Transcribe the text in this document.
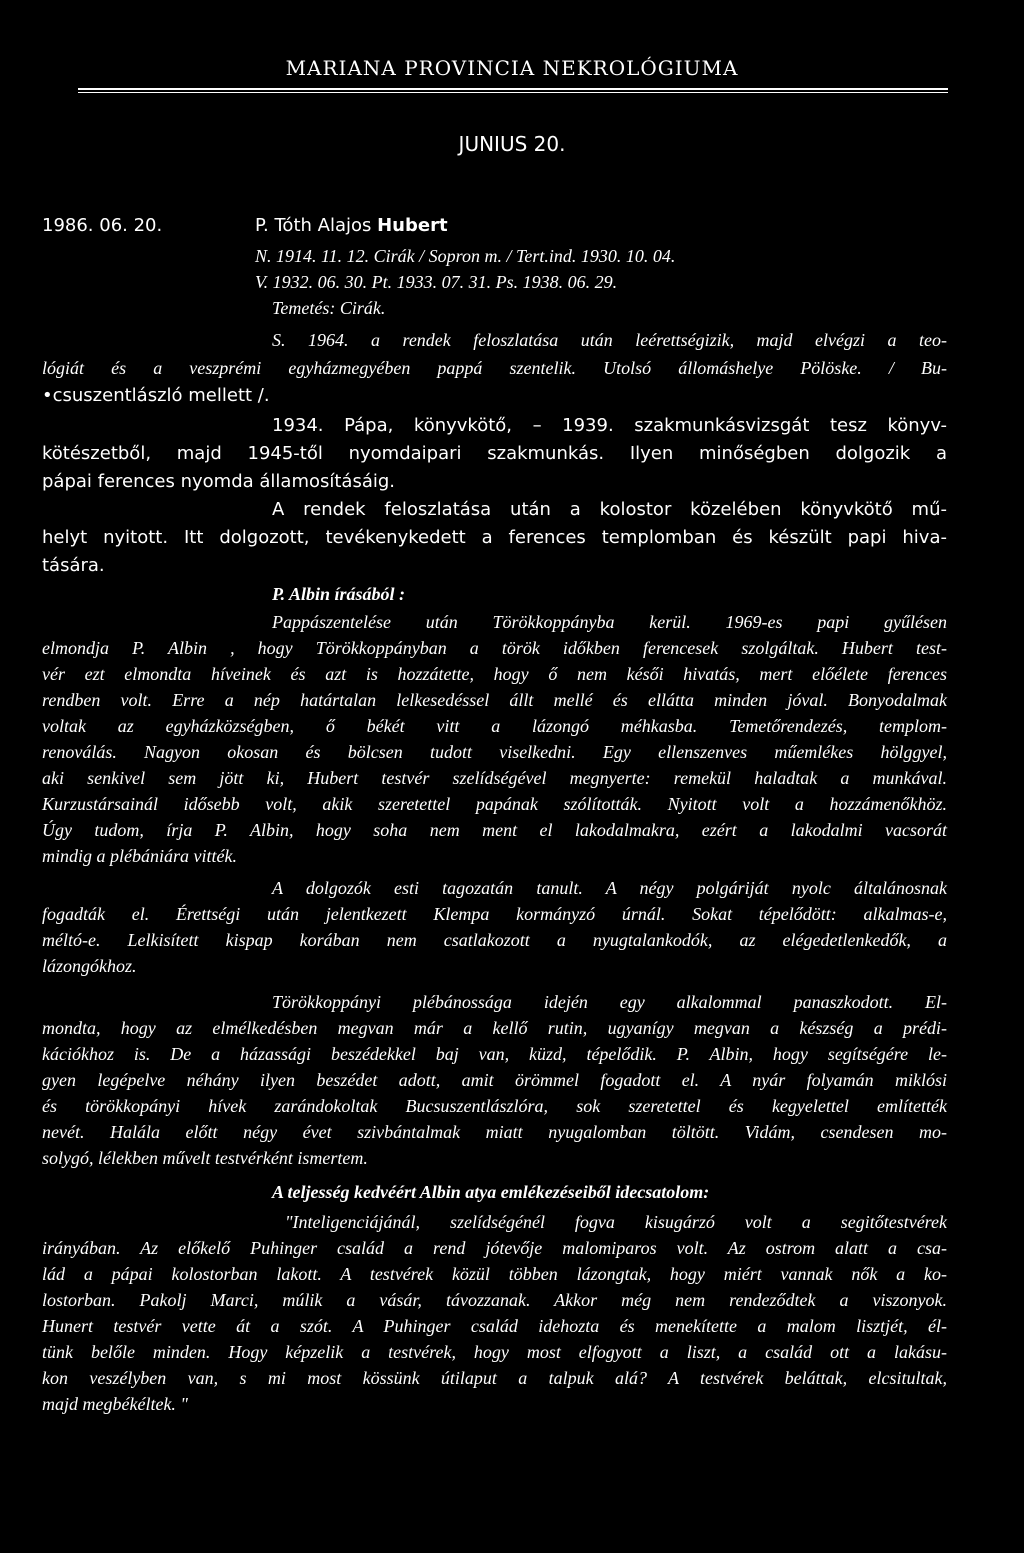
MARIANA PROVINCIA NEKROLÓGIUMA
JUNIUS 20.
1986. 06. 20.	P. Tóth Alajos Hubert
N. 1914. 11. 12. Cirák / Sopron m. / Tert.ind. 1930. 10. 04.
V. 1932. 06. 30. Pt. 1933. 07. 31. Ps. 1938. 06. 29.
Temetés: Cirák.
S. 1964. a rendek feloszlatása után leérettségizik, majd elvégzi a teo-
lógiát és a veszprémi egyházmegyében pappá szentelik. Utolsó állomáshelye Pölöske. / Bu-
•csuszentlászló mellett /.
1934. Pápa, könyvkötő, – 1939. szakmunkásvizsgát tesz könyv-
kötészetből, majd 1945-től nyomdaipari szakmunkás. Ilyen minőségben dolgozik a
pápai ferences nyomda államosításáig.
A rendek feloszlatása után a kolostor közelében könyvkötő mű-
helyt nyitott. Itt dolgozott, tevékenykedett a ferences templomban és készült papi hiva-
tására.
P. Albin írásából :
Pappászentelése után Törökkoppányba kerül. 1969-es papi gyűlésen
elmondja P. Albin , hogy Törökkoppányban a török időkben ferencesek szolgáltak. Hubert test-
vér ezt elmondta híveinek és azt is hozzátette, hogy ő nem késői hivatás, mert előélete ferences
rendben volt. Erre a nép határtalan lelkesedéssel állt mellé és ellátta minden jóval. Bonyodalmak
voltak az egyházközségben, ő békét vitt a lázongó méhkasba. Temetőrendezés, templom-
renoválás. Nagyon okosan és bölcsen tudott viselkedni. Egy ellenszenves műemlékes hölggyel,
aki senkivel sem jött ki, Hubert testvér szelídségével megnyerte: remekül haladtak a munkával.
Kurzustársainál idősebb volt, akik szeretettel papának szólították. Nyitott volt a hozzámenőkhöz.
Úgy tudom, írja P. Albin, hogy soha nem ment el lakodalmakra, ezért a lakodalmi vacsorát
mindig a plébániára vitték.
A dolgozók esti tagozatán tanult. A négy polgáriját nyolc általánosnak
fogadták el. Érettségi után jelentkezett Klempa kormányzó úrnál. Sokat tépelődött: alkalmas-e,
méltó-e. Lelkisített kispap korában nem csatlakozott a nyugtalankodók, az elégedetlenkedők, a
lázongókhoz.
Törökkoppányi plébánossága idején egy alkalommal panaszkodott. El-
mondta, hogy az elmélkedésben megvan már a kellő rutin, ugyanígy megvan a készség a prédi-
kációkhoz is. De a házassági beszédekkel baj van, küzd, tépelődik. P. Albin, hogy segítségére le-
gyen legépelve néhány ilyen beszédet adott, amit örömmel fogadott el. A nyár folyamán miklósi
és törökkopányi hívek zarándokoltak Bucsuszentlászlóra, sok szeretettel és kegyelettel említették
nevét. Halála előtt négy évet szivbántalmak miatt nyugalomban töltött. Vidám, csendesen mo-
solygó, lélekben művelt testvérként ismertem.
A teljesség kedvéért Albin atya emlékezéseiből idecsatolom:
"Inteligenciájánál, szelídségénél fogva kisugárzó volt a segitőtestvérek
irányában. Az előkelő Puhinger család a rend jótevője malomiparos volt. Az ostrom alatt a csa-
lád a pápai kolostorban lakott. A testvérek közül többen lázongtak, hogy miért vannak nők a ko-
lostorban. Pakolj Marci, múlik a vásár, távozzanak. Akkor még nem rendeződtek a viszonyok.
Hunert testvér vette át a szót. A Puhinger család idehozta és menekítette a malom lisztjét, él-
tünk belőle minden. Hogy képzelik a testvérek, hogy most elfogyott a liszt, a család ott a lakásu-
kon veszélyben van, s mi most kössünk útilaput a talpuk alá? A testvérek beláttak, elcsitultak,
majd megbékéltek. "
